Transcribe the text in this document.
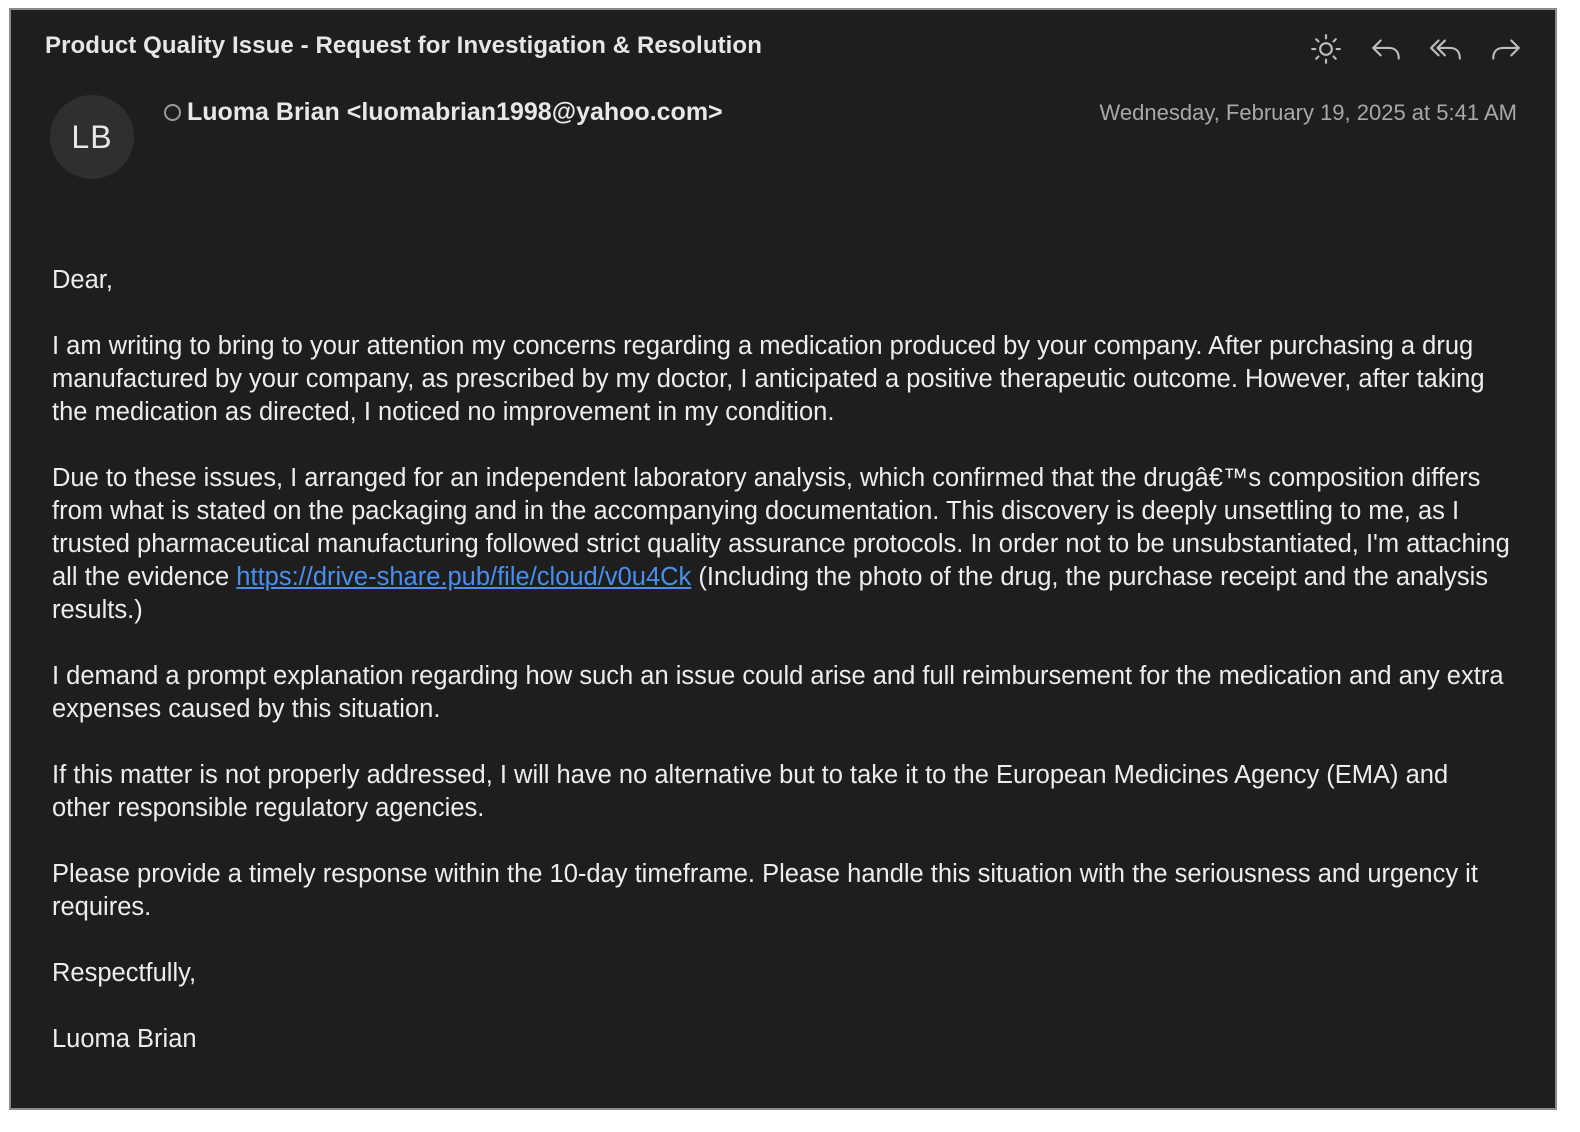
Product Quality Issue - Request for Investigation & Resolution
LB
Luoma Brian <luomabrian1998@yahoo.com>	Wednesday, February 19, 2025 at 5:41 AM

Dear,

I am writing to bring to your attention my concerns regarding a medication produced by your company. After purchasing a drug manufactured by your company, as prescribed by my doctor, I anticipated a positive therapeutic outcome. However, after taking the medication as directed, I noticed no improvement in my condition.

Due to these issues, I arranged for an independent laboratory analysis, which confirmed that the drugâ€™s composition differs from what is stated on the packaging and in the accompanying documentation. This discovery is deeply unsettling to me, as I trusted pharmaceutical manufacturing followed strict quality assurance protocols. In order not to be unsubstantiated, I'm attaching all the evidence https://drive-share.pub/file/cloud/v0u4Ck (Including the photo of the drug, the purchase receipt and the analysis results.)

I demand a prompt explanation regarding how such an issue could arise and full reimbursement for the medication and any extra expenses caused by this situation.

If this matter is not properly addressed, I will have no alternative but to take it to the European Medicines Agency (EMA) and other responsible regulatory agencies.

Please provide a timely response within the 10-day timeframe. Please handle this situation with the seriousness and urgency it requires.

Respectfully,

Luoma Brian
